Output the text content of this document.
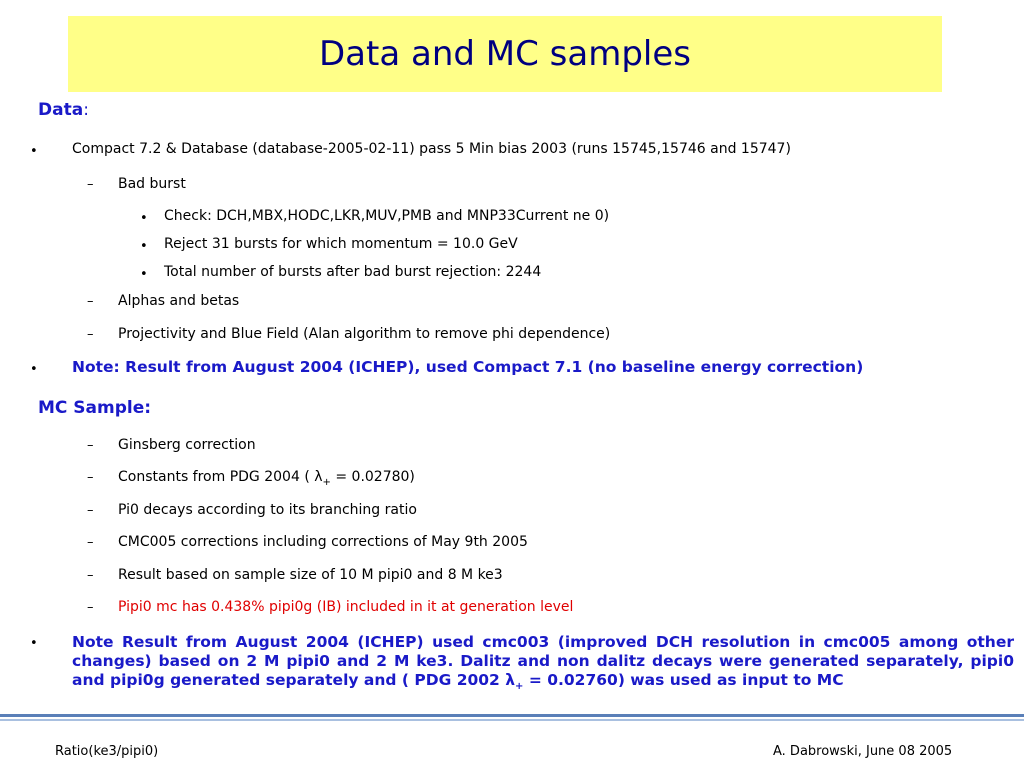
Data and MC samples
Data:
• Compact 7.2 & Database (database-2005-02-11) pass 5 Min bias 2003 (runs 15745,15746 and 15747)
– Bad burst
• Check: DCH,MBX,HODC,LKR,MUV,PMB and MNP33Current ne 0)
• Reject 31 bursts for which momentum = 10.0 GeV
• Total number of bursts after bad burst rejection: 2244
– Alphas and betas
– Projectivity and Blue Field (Alan algorithm to remove phi dependence)
• Note: Result from August 2004 (ICHEP), used Compact 7.1 (no baseline energy correction)
MC Sample:
– Ginsberg correction
– Constants from PDG 2004 ( $\lambda_+ = 0.02780$)
– Pi0 decays according to its branching ratio
– CMC005 corrections including corrections of May 9th 2005
– Result based on sample size of 10 M pipi0 and 8 M ke3
– Pipi0 mc has 0.438% pipi0g (IB) included in it at generation level
• Note Result from August 2004 (ICHEP) used cmc003 (improved DCH resolution in cmc005 among other changes) based on 2 M pipi0 and 2 M ke3. Dalitz and non dalitz decays were generated separately, pipi0 and pipi0g generated separately and ( PDG 2002 $\lambda_+ = 0.02760$) was used as input to MC
Ratio(ke3/pipi0)	A. Dabrowski, June 08 2005
